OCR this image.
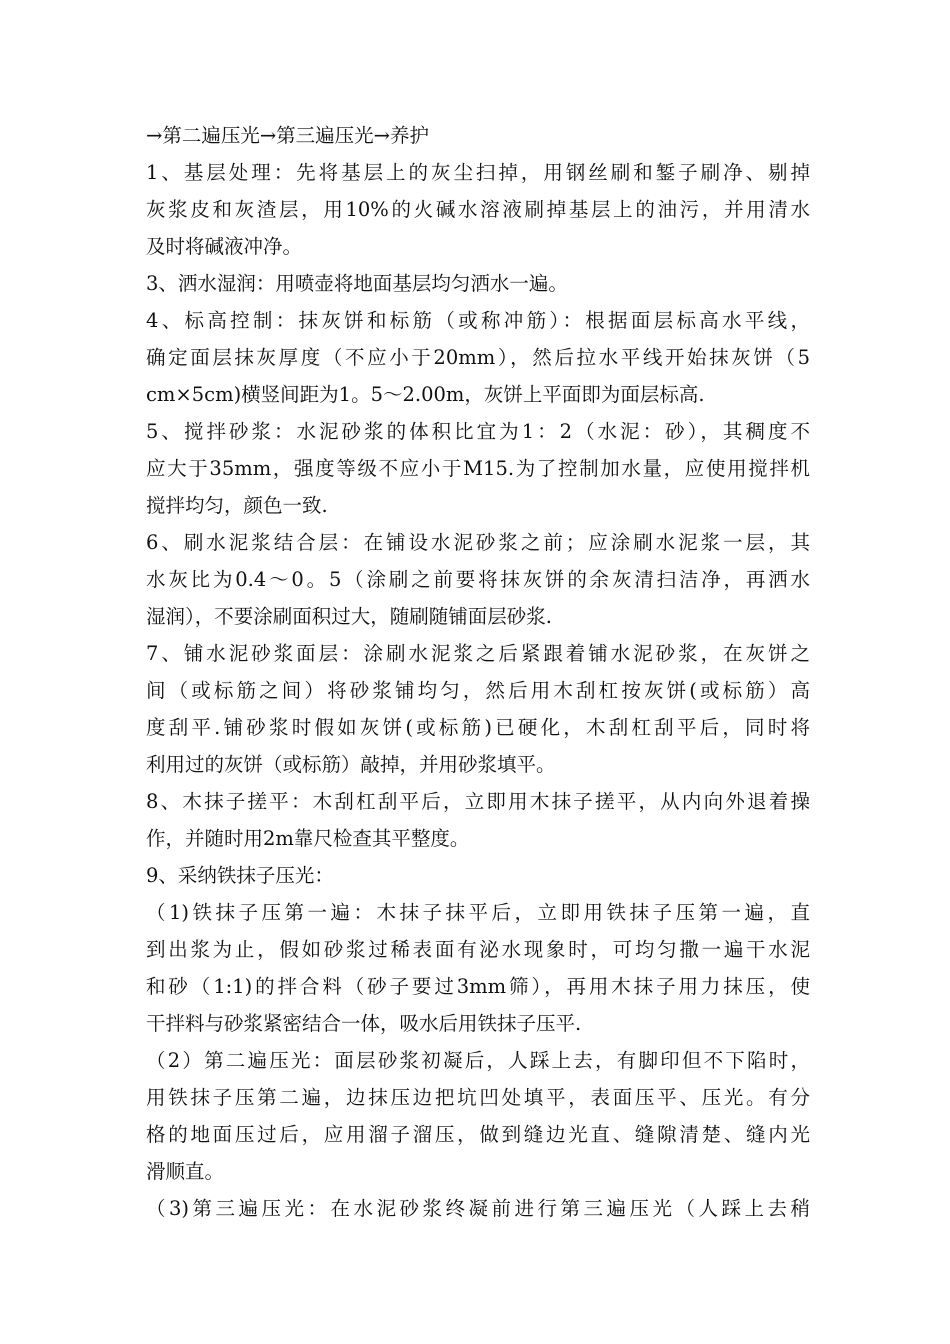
→第二遍压光→第三遍压光→养护
1、基层处理：先将基层上的灰尘扫掉，用钢丝刷和錾子刷净、剔掉
灰浆皮和灰渣层，用10%的火碱水溶液刷掉基层上的油污，并用清水
及时将碱液冲净。
3、洒水湿润：用喷壶将地面基层均匀洒水一遍。
4、标高控制：抹灰饼和标筋（或称冲筋）：根据面层标高水平线，
确定面层抹灰厚度（不应小于20mm），然后拉水平线开始抹灰饼（5
cm×5cm)横竖间距为1。5～2.00m，灰饼上平面即为面层标高.
5、搅拌砂浆：水泥砂浆的体积比宜为1：2（水泥：砂），其稠度不
应大于35mm，强度等级不应小于M15.为了控制加水量，应使用搅拌机
搅拌均匀，颜色一致.
6、刷水泥浆结合层：在铺设水泥砂浆之前；应涂刷水泥浆一层，其
水灰比为0.4～0。5（涂刷之前要将抹灰饼的余灰清扫洁净，再洒水
湿润），不要涂刷面积过大，随刷随铺面层砂浆.
7、铺水泥砂浆面层：涂刷水泥浆之后紧跟着铺水泥砂浆，在灰饼之
间（或标筋之间）将砂浆铺均匀，然后用木刮杠按灰饼(或标筋）高
度刮平.铺砂浆时假如灰饼(或标筋)已硬化，木刮杠刮平后，同时将
利用过的灰饼（或标筋）敲掉，并用砂浆填平。
8、木抹子搓平：木刮杠刮平后，立即用木抹子搓平，从内向外退着操
作，并随时用2m靠尺检查其平整度。
9、采纳铁抹子压光：
（1)铁抹子压第一遍：木抹子抹平后，立即用铁抹子压第一遍，直
到出浆为止，假如砂浆过稀表面有泌水现象时，可均匀撒一遍干水泥
和砂（1:1)的拌合料（砂子要过3mm筛），再用木抹子用力抹压，使
干拌料与砂浆紧密结合一体，吸水后用铁抹子压平.
（2）第二遍压光：面层砂浆初凝后，人踩上去，有脚印但不下陷时，
用铁抹子压第二遍，边抹压边把坑凹处填平，表面压平、压光。有分
格的地面压过后，应用溜子溜压，做到缝边光直、缝隙清楚、缝内光
滑顺直。
（3)第三遍压光：在水泥砂浆终凝前进行第三遍压光（人踩上去稍
